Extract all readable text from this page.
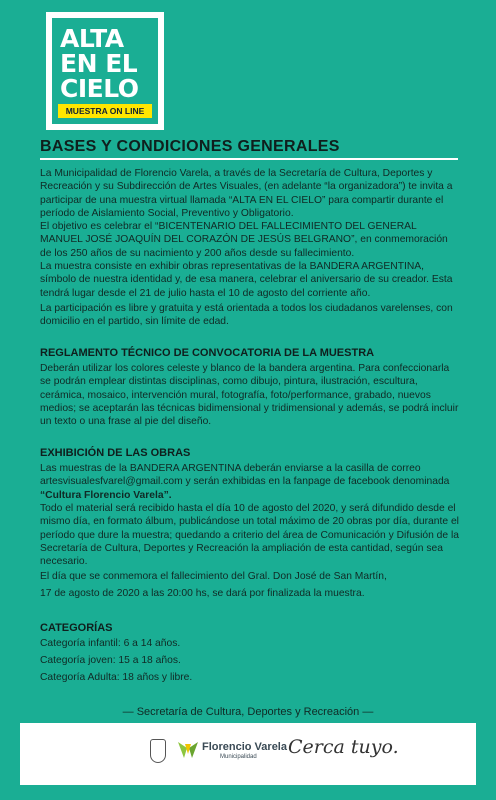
ALTA
EN EL
CIELO
MUESTRA ON LINE
BASES Y CONDICIONES GENERALES
La Municipalidad de Florencio Varela, a través de la Secretaría de Cultura, Deportes y Recreación y su Subdirección de Artes Visuales, (en adelante “la organizadora”) te invita a participar de una muestra virtual llamada “ALTA EN EL CIELO” para compartir durante el período de Aislamiento Social, Preventivo y Obligatorio.
El objetivo es celebrar el “BICENTENARIO DEL FALLECIMIENTO DEL GENERAL MANUEL JOSÉ JOAQUÍN DEL CORAZÓN DE JESÚS BELGRANO”, en conmemoración de los 250 años de su nacimiento y 200 años desde su fallecimiento.
La muestra consiste en exhibir obras representativas de la BANDERA ARGENTINA, símbolo de nuestra identidad y, de esa manera, celebrar el aniversario de su creador. Esta tendrá lugar desde el 21 de julio hasta el 10 de agosto del corriente año.
La participación es libre y gratuita y está orientada a todos los ciudadanos varelenses, con domicilio en el partido, sin límite de edad.
REGLAMENTO TÉCNICO DE CONVOCATORIA DE LA MUESTRA
Deberán utilizar los colores celeste y blanco de la bandera argentina. Para confeccionarla se podrán emplear distintas disciplinas, como dibujo, pintura, ilustración, escultura, cerámica, mosaico, intervención mural, fotografía, foto/performance, grabado, nuevos medios; se aceptarán las técnicas bidimensional y tridimensional y además, se podrá incluir un texto o una frase al pie del diseño.
EXHIBICIÓN DE LAS OBRAS
Las muestras de la BANDERA ARGENTINA deberán enviarse a la casilla de correo artesvisualesfvarel@gmail.com y serán exhibidas en la fanpage de facebook denominada “Cultura Florencio Varela”.
Todo el material será recibido hasta el día 10 de agosto del 2020, y será difundido desde el mismo día, en formato álbum, publicándose un total máximo de 20 obras por día, durante el período que dure la muestra; quedando a criterio del área de Comunicación y Difusión de la Secretaría de Cultura, Deportes y Recreación la ampliación de esta cantidad, según sea necesario.
El día que se conmemora el fallecimiento del Gral. Don José de San Martín,
17 de agosto de 2020 a las 20:00 hs, se dará por finalizada la muestra.
CATEGORÍAS
Categoría infantil: 6 a 14 años.
Categoría joven: 15 a 18 años.
Categoría Adulta: 18 años y libre.
— Secretaría de Cultura, Deportes y Recreación —
Florencio Varela
Municipalidad Cerca tuyo.
